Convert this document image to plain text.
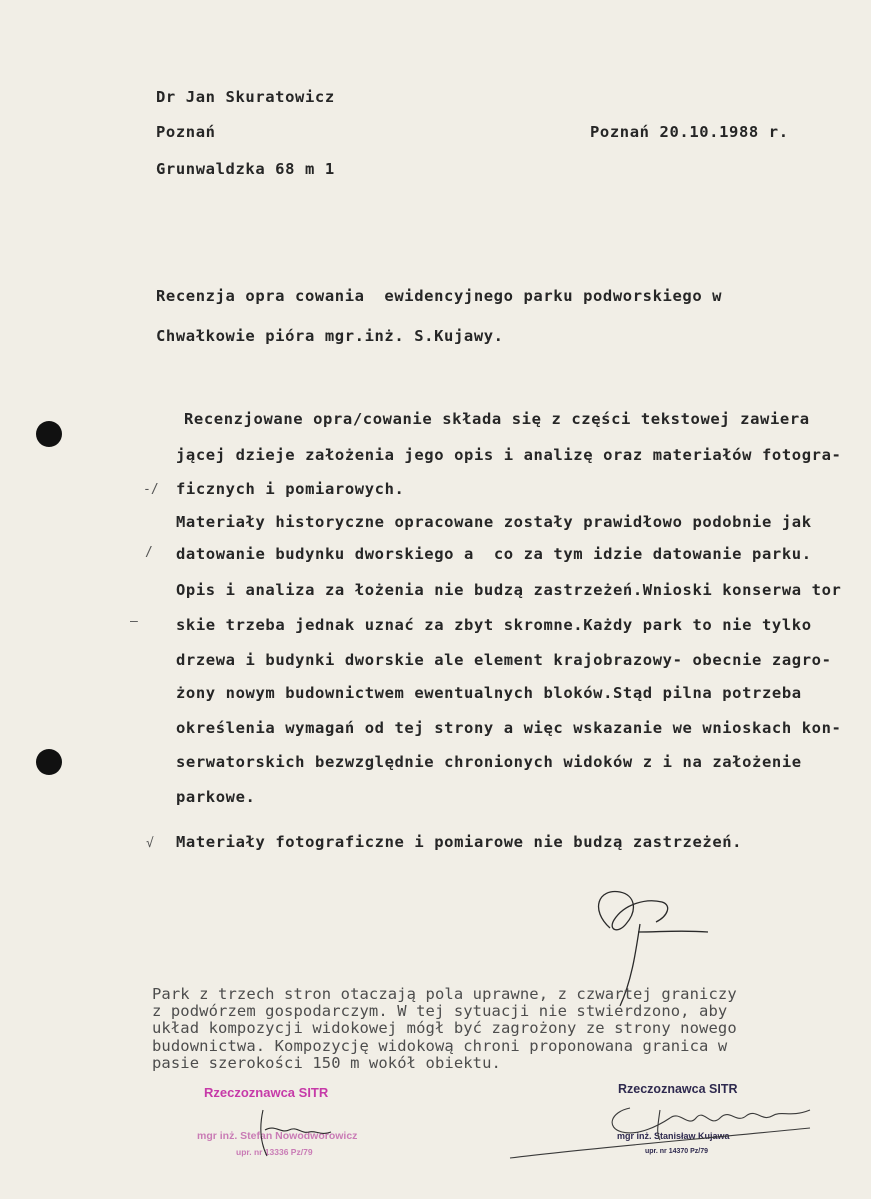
Dr Jan Skuratowicz
Poznań	Poznań 20.10.1988 r.
Grunwaldzka 68 m 1
Recenzja opra cowania  ewidencyjnego parku podworskiego w
Chwałkowie pióra mgr.inż. S.Kujawy.
Recenzjowane opra/cowanie składa się z części tekstowej zawiera
jącej dzieje założenia jego opis i analizę oraz materiałów fotogra-
ficznych i pomiarowych.
Materiały historyczne opracowane zostały prawidłowo podobnie jak
datowanie budynku dworskiego a  co za tym idzie datowanie parku.
Opis i analiza za łożenia nie budzą zastrzeżeń.Wnioski konserwa tor
skie trzeba jednak uznać za zbyt skromne.Każdy park to nie tylko
drzewa i budynki dworskie ale element krajobrazowy- obecnie zagro-
żony nowym budownictwem ewentualnych bloków.Stąd pilna potrzeba
określenia wymagań od tej strony a więc wskazanie we wnioskach kon-
serwatorskich bezwzględnie chronionych widoków z i na założenie
parkowe.
Materiały fotograficzne i pomiarowe nie budzą zastrzeżeń.
-/
/
—
√
Park z trzech stron otaczają pola uprawne, z czwartej graniczy
z podwórzem gospodarczym. W tej sytuacji nie stwierdzono, aby
układ kompozycji widokowej mógł być zagrożony ze strony nowego
budownictwa. Kompozycję widokową chroni proponowana granica w
pasie szerokości 150 m wokół obiektu.
Rzeczoznawca SITR
mgr inż. Stefan Nowodworowicz
upr. nr 13336 Pz/79
Rzeczoznawca SITR
mgr inż. Stanisław Kujawa
upr. nr 14370 Pz/79
